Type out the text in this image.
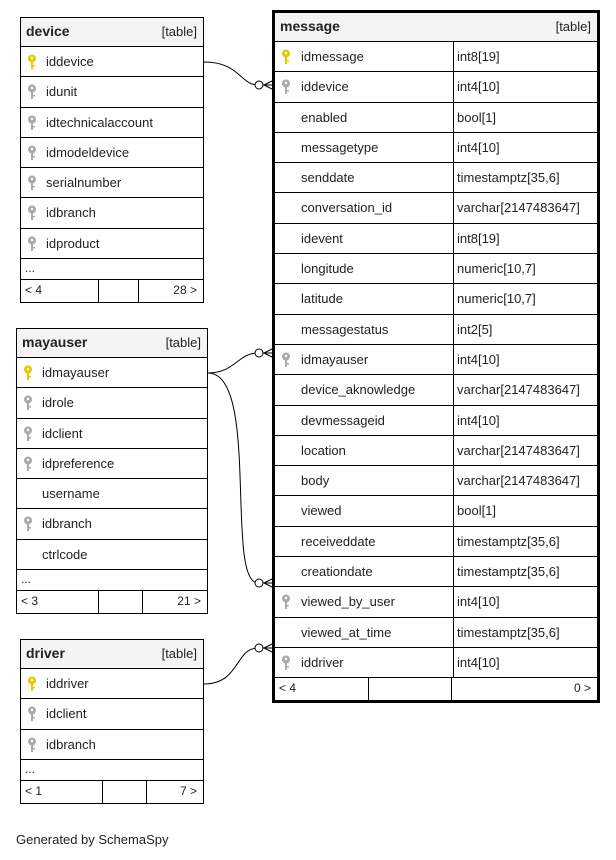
device	[table]
iddevice
idunit
idtechnicalaccount
idmodeldevice
serialnumber
idbranch
idproduct
...
< 4	28 >
mayauser	[table]
idmayauser
idrole
idclient
idpreference
username
idbranch
ctrlcode
...
< 3	21 >
driver	[table]
iddriver
idclient
idbranch
...
< 1	7 >
message	[table]
idmessage	int8[19]
iddevice	int4[10]
enabled	bool[1]
messagetype	int4[10]
senddate	timestamptz[35,6]
conversation_id	varchar[2147483647]
idevent	int8[19]
longitude	numeric[10,7]
latitude	numeric[10,7]
messagestatus	int2[5]
idmayauser	int4[10]
device_aknowledge	varchar[2147483647]
devmessageid	int4[10]
location	varchar[2147483647]
body	varchar[2147483647]
viewed	bool[1]
receiveddate	timestamptz[35,6]
creationdate	timestamptz[35,6]
viewed_by_user	int4[10]
viewed_at_time	timestamptz[35,6]
iddriver	int4[10]
< 4	0 >
Generated by SchemaSpy
